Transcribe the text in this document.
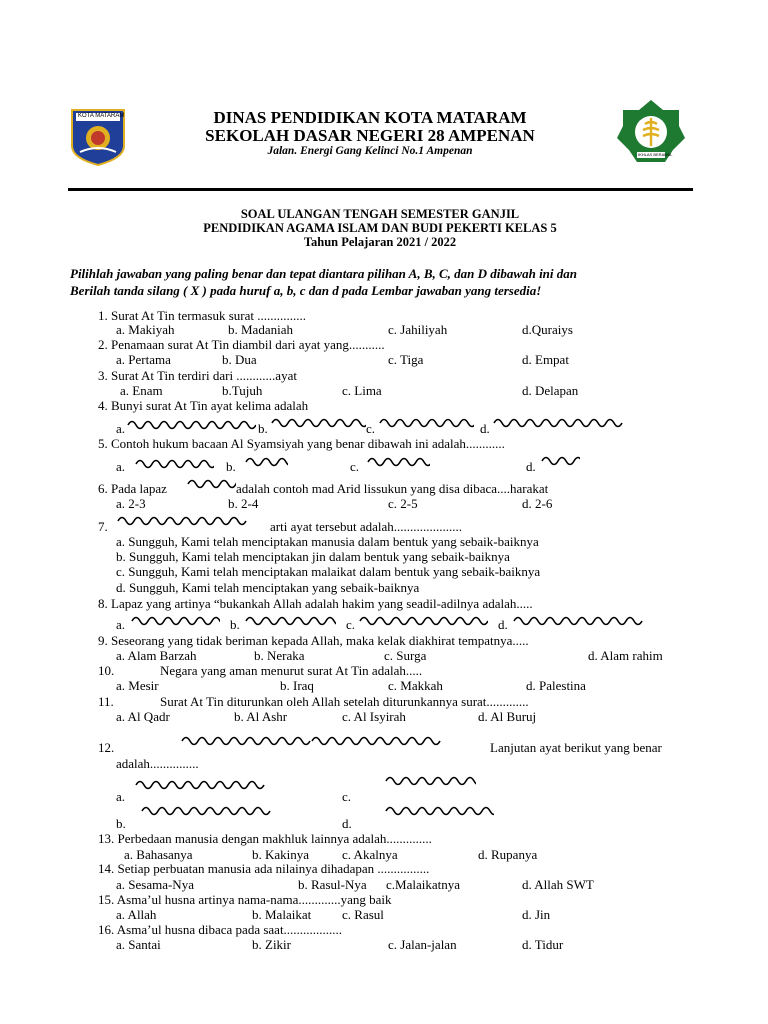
KOTA MATARAM
IKHLAS BERAMAL
DINAS PENDIDIKAN KOTA MATARAM
SEKOLAH DASAR NEGERI 28 AMPENAN
Jalan. Energi Gang Kelinci No.1 Ampenan
SOAL ULANGAN TENGAH SEMESTER GANJIL
PENDIDIKAN AGAMA ISLAM DAN BUDI PEKERTI KELAS 5
Tahun Pelajaran 2021 / 2022
Pilihlah jawaban yang paling benar dan tepat diantara pilihan A, B, C, dan D dibawah ini dan
Berilah tanda silang ( X ) pada huruf a, b, c dan d pada Lembar jawaban yang tersedia!
1. Surat At Tin termasuk surat ...............
a. Makiyah	b. Madaniah	c. Jahiliyah	d.Quraiys
2. Penamaan surat At Tin diambil dari ayat yang...........
a. Pertama	b. Dua	c. Tiga	d. Empat
3. Surat At Tin terdiri dari ............ayat
a. Enam	b.Tujuh	c. Lima	d. Delapan
4. Bunyi surat At Tin ayat kelima adalah
a.	b.	c.	d.
5. Contoh hukum bacaan Al Syamsiyah yang benar dibawah ini adalah............
a.	b.	c.	d.
6. Pada lapaz	adalah contoh mad Arid lissukun yang disa dibaca....harakat
a. 2-3	b. 2-4	c. 2-5	d. 2-6
7.	arti ayat tersebut adalah.....................
a. Sungguh, Kami telah menciptakan manusia dalam bentuk yang sebaik-baiknya
b. Sungguh, Kami telah menciptakan jin dalam bentuk yang sebaik-baiknya
c. Sungguh, Kami telah menciptakan malaikat dalam bentuk yang sebaik-baiknya
d. Sungguh, Kami telah menciptakan yang sebaik-baiknya
8. Lapaz yang artinya “bukankah Allah adalah hakim yang seadil-adilnya adalah.....
a.	b.	c.	d.
9. Seseorang yang tidak beriman kepada Allah, maka kelak diakhirat tempatnya.....
a. Alam Barzah	b. Neraka	c. Surga	d. Alam rahim
10.	Negara yang aman menurut surat At Tin adalah.....
a. Mesir	b. Iraq	c. Makkah	d. Palestina
11.	Surat At Tin diturunkan oleh Allah setelah diturunkannya surat.............
a. Al Qadr	b. Al Ashr	c. Al Isyirah	d. Al Buruj
12.	Lanjutan ayat berikut yang benar
adalah...............
a.	c.
b.	d.
13. Perbedaan manusia dengan makhluk lainnya adalah..............
a. Bahasanya	b. Kakinya	c. Akalnya	d. Rupanya
14. Setiap perbuatan manusia ada nilainya dihadapan ................
a. Sesama-Nya	b. Rasul-Nya c.Malaikatnya	d. Allah SWT
15. Asma’ul husna artinya nama-nama.............yang baik
a. Allah	b. Malaikat c. Rasul	d. Jin
16. Asma’ul husna dibaca pada saat..................
a. Santai	b. Zikir	c. Jalan-jalan	d. Tidur
